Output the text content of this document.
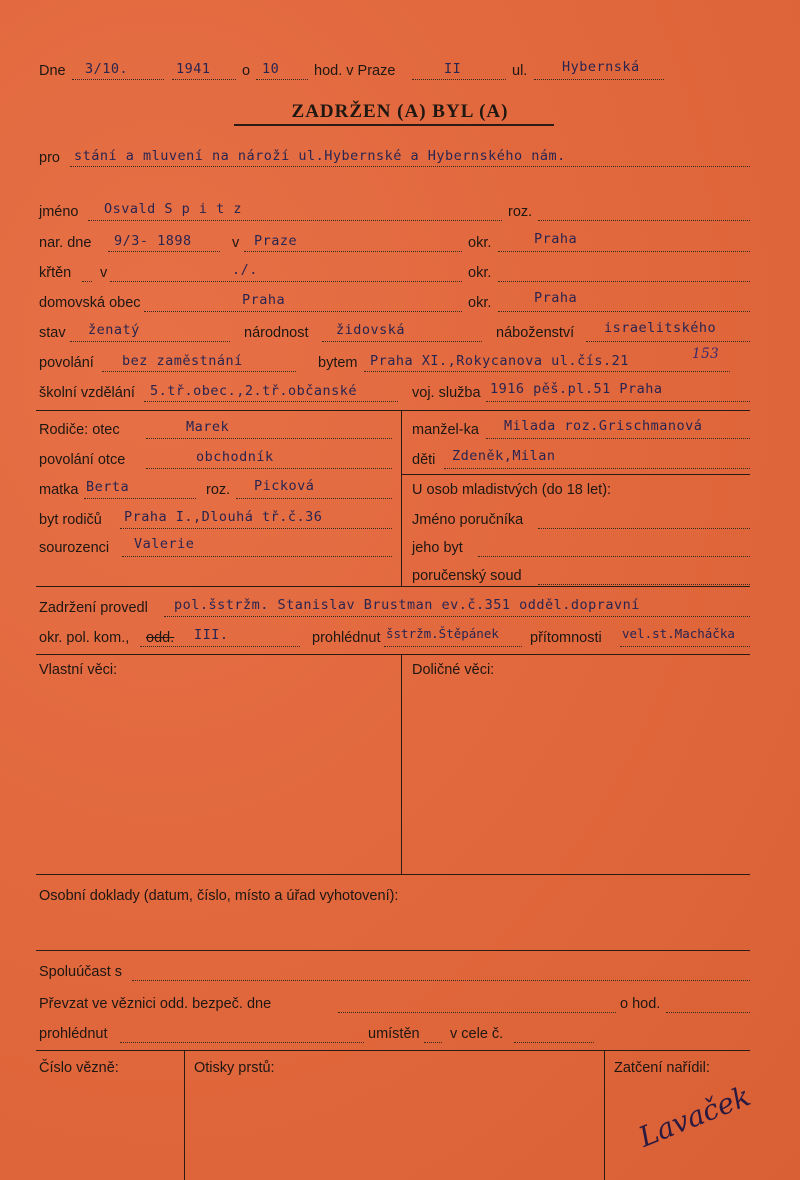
Dne 3/10.	1941 o 10 hod. v Praze	II	ul.	Hybernská
ZADRŽEN (A) BYL (A)
pro stání a mluvení na nároží ul.Hybernské a Hybernského nám.
jméno Osvald S p i t z	roz.
nar. dne 9/3- 1898	v Praze	okr.	Praha
křtěn v	./.	okr.
domovská obec	Praha	okr.	Praha
stav ženatý	národnost židovská	náboženství israelitského
povolání bez zaměstnání	bytem Praha XI.,Rokycanova ul.čís.21	153
školní vzdělání 5.tř.obec.,2.tř.občanské	voj. služba 1916 pěš.pl.51 Praha
Rodiče: otec	Marek
povolání otce	obchodník
matka Berta	roz. Picková
byt rodičů Praha I.,Dlouhá tř.č.36
sourozenci Valerie
manžel-ka Milada roz.Grischmanová
děti Zdeněk,Milan
U osob mladistvých (do 18 let):
Jméno poručníka
jeho byt
poručenský soud
Zadržení provedl pol.šstržm. Stanislav Brustman ev.č.351 odděl.dopravní
okr. pol. kom., odd. III.	prohlédnut šstržm.Štěpánek přítomnosti vel.st.Macháčka
Vlastní věci:	Doličné věci:
Osobní doklady (datum, číslo, místo a úřad vyhotovení):
Spoluúčast s
Převzat ve věznici odd. bezpeč. dne	o hod.
prohlédnut	umístěn v cele č.
Číslo vězně:	Otisky prstů:	Zatčení nařídil:
Lavaček
